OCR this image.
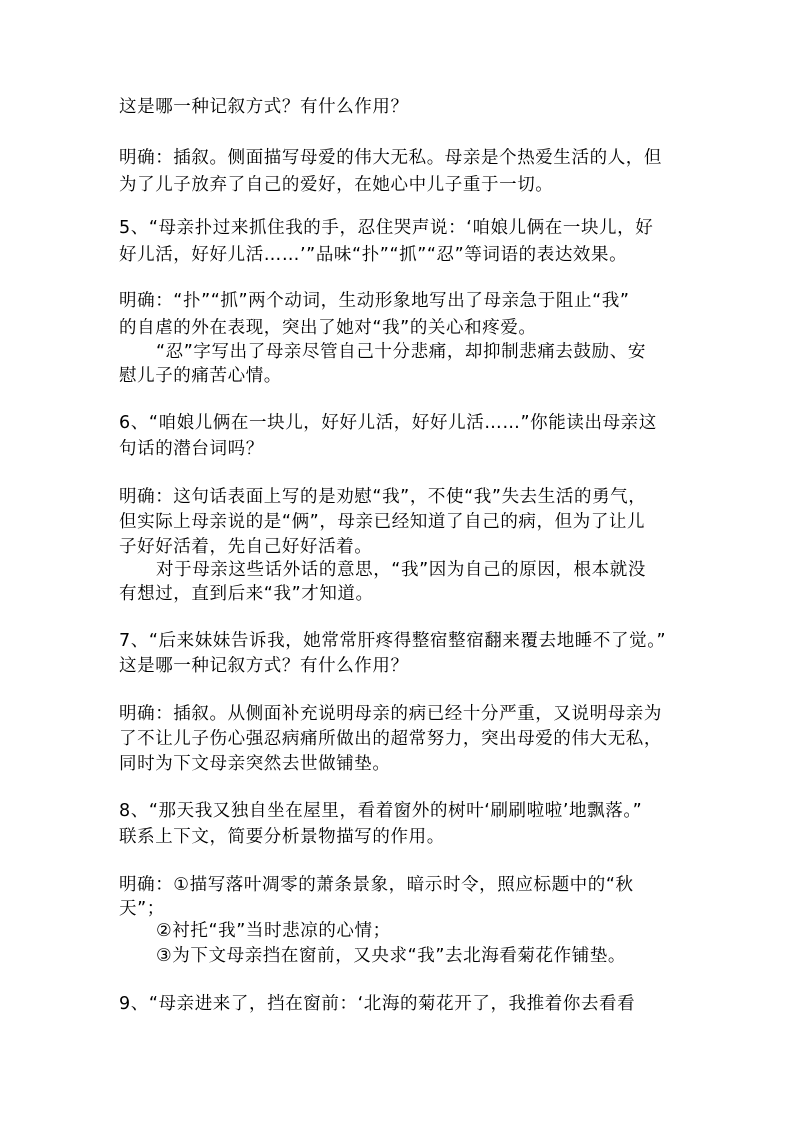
这是哪一种记叙方式？有什么作用？
明确：插叙。侧面描写母爱的伟大无私。母亲是个热爱生活的人，但
为了儿子放弃了自己的爱好，在她心中儿子重于一切。
5、“母亲扑过来抓住我的手，忍住哭声说：‘咱娘儿俩在一块儿，好
好儿活，好好儿活……’”品味“扑”“抓”“忍”等词语的表达效果。
明确：“扑”“抓”两个动词，生动形象地写出了母亲急于阻止“我”
的自虐的外在表现，突出了她对“我”的关心和疼爱。
“忍”字写出了母亲尽管自己十分悲痛，却抑制悲痛去鼓励、安
慰儿子的痛苦心情。
6、“咱娘儿俩在一块儿，好好儿活，好好儿活……”你能读出母亲这
句话的潜台词吗？
明确：这句话表面上写的是劝慰“我”，不使“我”失去生活的勇气，
但实际上母亲说的是“俩”，母亲已经知道了自己的病，但为了让儿
子好好活着，先自己好好活着。
对于母亲这些话外话的意思，“我”因为自己的原因，根本就没
有想过，直到后来“我”才知道。
7、“后来妹妹告诉我，她常常肝疼得整宿整宿翻来覆去地睡不了觉。”
这是哪一种记叙方式？有什么作用？
明确：插叙。从侧面补充说明母亲的病已经十分严重，又说明母亲为
了不让儿子伤心强忍病痛所做出的超常努力，突出母爱的伟大无私，
同时为下文母亲突然去世做铺垫。
8、“那天我又独自坐在屋里，看着窗外的树叶‘刷刷啦啦’地飘落。”
联系上下文，简要分析景物描写的作用。
明确：①描写落叶凋零的萧条景象，暗示时令，照应标题中的“秋
天”；
②衬托“我”当时悲凉的心情；
③为下文母亲挡在窗前，又央求“我”去北海看菊花作铺垫。
9、“母亲进来了，挡在窗前：‘北海的菊花开了，我推着你去看看
